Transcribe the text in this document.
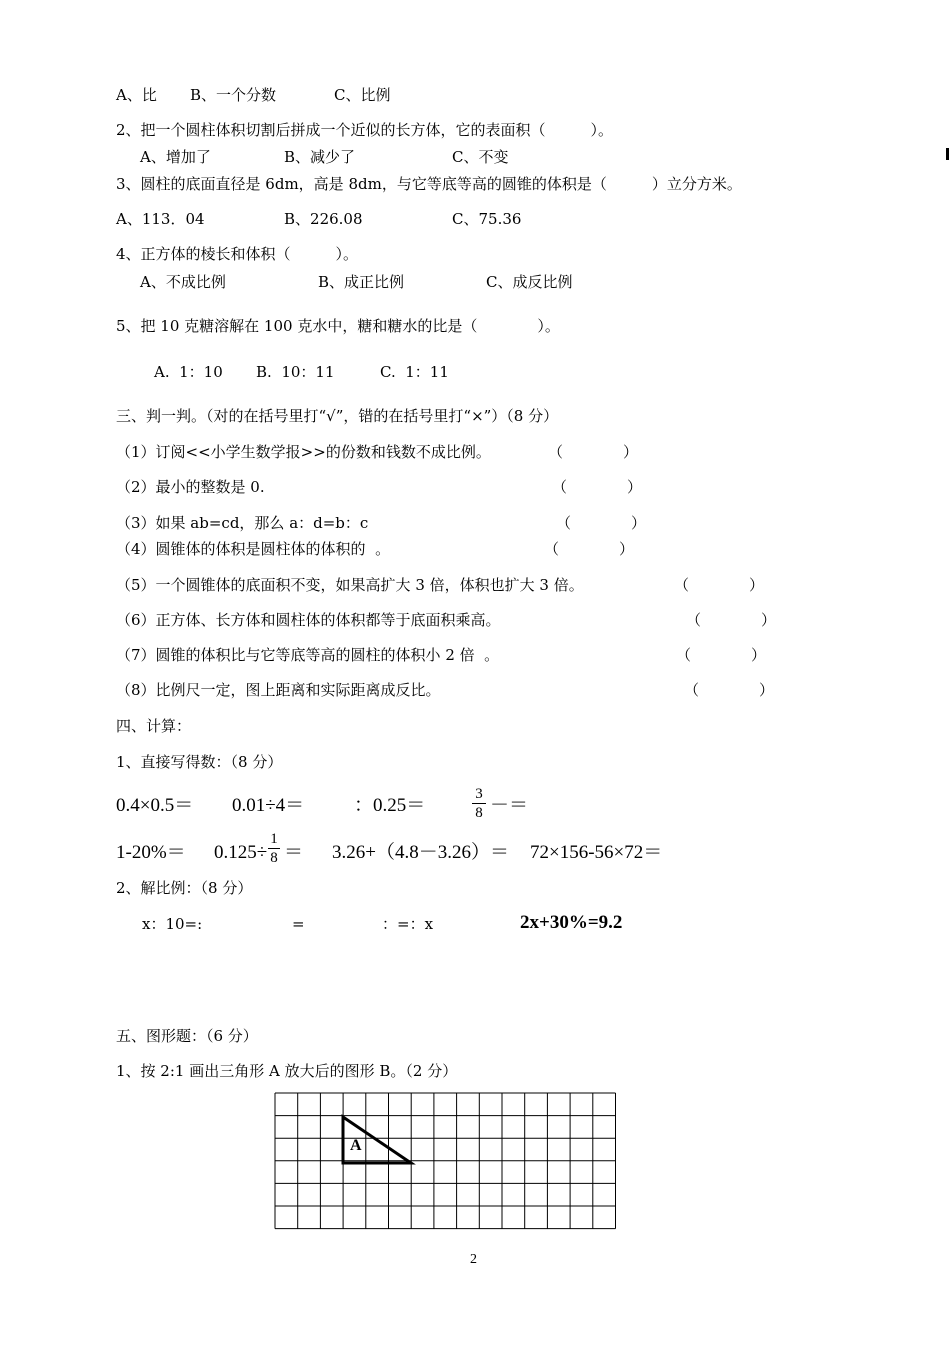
A、比 B、一个分数	C、比例
2、把一个圆柱体积切割后拼成一个近似的长方体，它的表面积（　　　）。
A、增加了	B、减少了	C、不变
3、圆柱的底面直径是 6dm，高是 8dm，与它等底等高的圆锥的体积是（　　　）立分方米。
A、113．04	B、226.08	C、75.36
4、正方体的棱长和体积（　　　）。
A、不成比例	B、成正比例	C、成反比例
5、把 10 克糖溶解在 100 克水中，糖和糖水的比是（　　　　）。
A.  1：10 B.  10：11	C.  1：11
三、判一判。（对的在括号里打“√”，错的在括号里打“×”）（8 分）
（1）订阅<<小学生数学报>>的份数和钱数不成比例。	（　　　　）
（2）最小的整数是 0.	（　　　　）
（3）如果 ab=cd，那么 a：d=b：c	（　　　　）
（4）圆锥体的体积是圆柱体的体积的  。	（　　　　）
（5）一个圆锥体的底面积不变，如果高扩大 3 倍，体积也扩大 3 倍。	（　　　　）
（6）正方体、长方体和圆柱体的体积都等于底面积乘高。	（　　　　）
（7）圆锥的体积比与它等底等高的圆柱的体积小 2 倍  。	（　　　　）
（8）比例尺一定，图上距离和实际距离成反比。	（　　　　）
四、计算：
1、直接写得数：（8 分）
0.4×0.5＝ 0.01÷4＝	：0.25＝
3
8 －＝
1-20%＝ 0.125÷
1
8 ＝ 3.26+（4.8－3.26）＝ 72×156-56×72＝
2、解比例：（8 分）
x：10=:	=	：=：x	2x+30%=9.2
五、图形题：（6 分）
1、按 2:1 画出三角形 A 放大后的图形 B。（2 分）
A
2
